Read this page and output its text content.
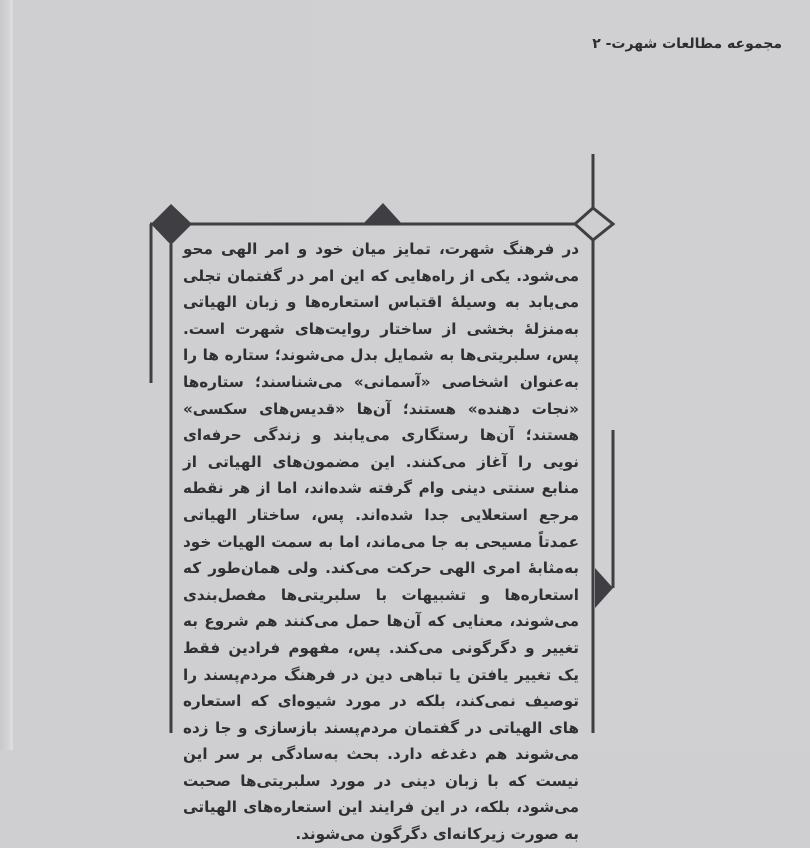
مجموعه مطالعات شهرت- ۲

در فرهنگ شهرت، تمایز میان خود و امر الهی محو می‌شود. یکی از راه‌هایی که این امر در گفتمان تجلی می‌یابد به وسیلهٔ اقتباس استعاره‌ها و زبان الهیاتی به‌منزلهٔ بخشی از ساختار روایت‌های شهرت است. پس، سلبریتی‌ها به شمایل بدل می‌شوند؛ ستاره ها را به‌عنوان اشخاصی «آسمانی» می‌شناسند؛ ستاره‌ها «نجات دهنده» هستند؛ آن‌ها «قدیس‌های سکسی» هستند؛ آن‌ها رستگاری می‌یابند و زندگی حرفه‌ای نویی را آغاز می‌کنند. این مضمون‌های الهیاتی از منابع سنتی دینی وام گرفته شده‌اند، اما از هر نقطه مرجع استعلایی جدا شده‌اند. پس، ساختار الهیاتی عمدتاً مسیحی به جا می‌ماند، اما به سمت الهیات خود به‌مثابهٔ امری الهی حرکت می‌کند. ولی همان‌طور که استعاره‌ها و تشبیهات با سلبریتی‌ها مفصل‌بندی می‌شوند، معنایی که آن‌ها حمل می‌کنند هم شروع به تغییر و دگرگونی می‌کند. پس، مفهوم فرادین فقط یک تغییر یافتن یا تباهی دین در فرهنگ مردم‌پسند را توصیف نمی‌کند، بلکه در مورد شیوه‌ای که استعاره های الهیاتی در گفتمان مردم‌پسند بازسازی و جا زده می‌شوند هم دغدغه دارد. بحث به‌سادگی بر سر این نیست که با زبان دینی در مورد سلبریتی‌ها صحبت می‌شود، بلکه، در این فرایند این استعاره‌های الهیاتی به صورت زیرکانه‌ای دگرگون می‌شوند.
